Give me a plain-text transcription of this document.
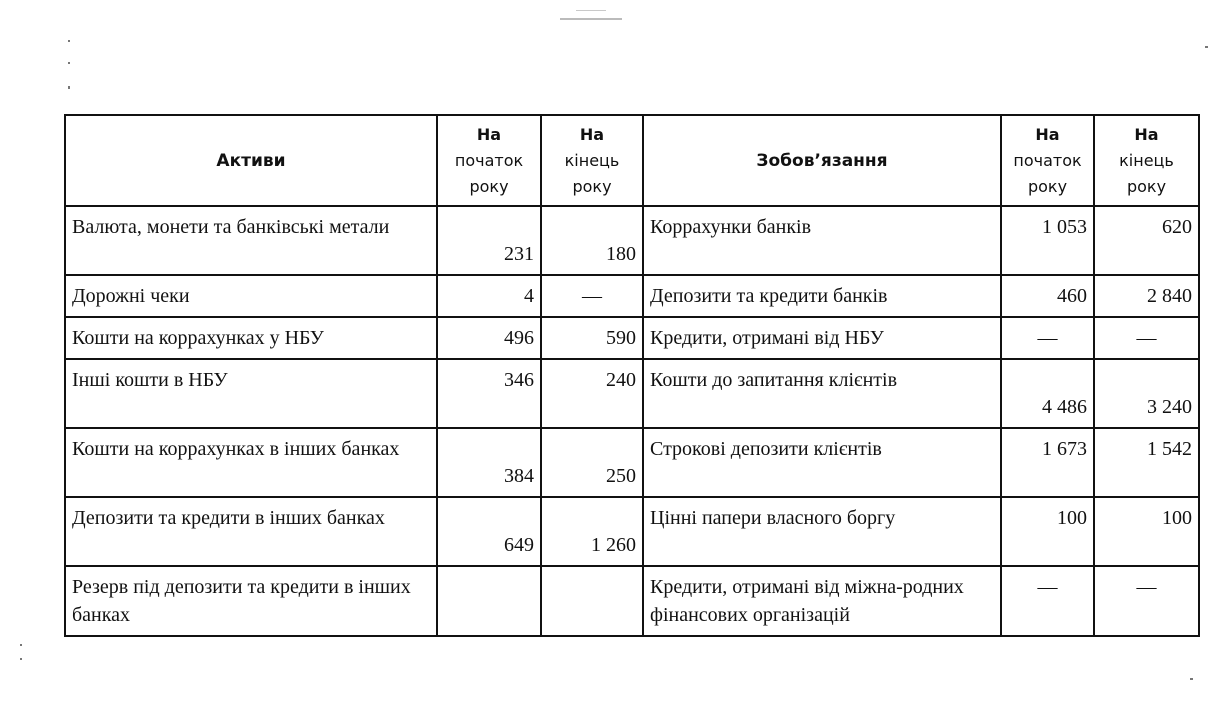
Активи	На
початок
року	На
кінець
року	Зобов’язання	На
початок
року	На
кінець
року

Валюта, монети та банківські метали	231	180	Коррахунки банків	1 053	620
Дорожні чеки	4	—	Депозити та кредити банків	460	2 840
Кошти на коррахунках у НБУ	496	590	Кредити, отримані від НБУ	—	—
Інші кошти в НБУ	346	240	Кошти до запитання клієнтів	4 486	3 240
Кошти на коррахунках в інших банках	384	250	Строкові депозити клієнтів	1 673	1 542
Депозити та кредити в інших банках	649	1 260	Цінні папери власного боргу	100	100
Резерв під депозити та кредити в інших банках			Кредити, отримані від міжна-родних фінансових організацій	—	—
